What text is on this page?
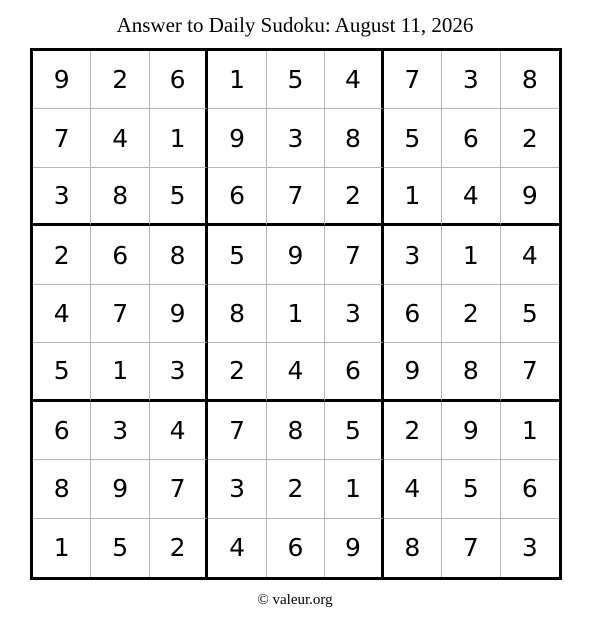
Answer to Daily Sudoku: August 11, 2026
9	2	6	1	5	4	7	3	8
7	4	1	9	3	8	5	6	2
3	8	5	6	7	2	1	4	9
2	6	8	5	9	7	3	1	4
4	7	9	8	1	3	6	2	5
5	1	3	2	4	6	9	8	7
6	3	4	7	8	5	2	9	1
8	9	7	3	2	1	4	5	6
1	5	2	4	6	9	8	7	3
© valeur.org
